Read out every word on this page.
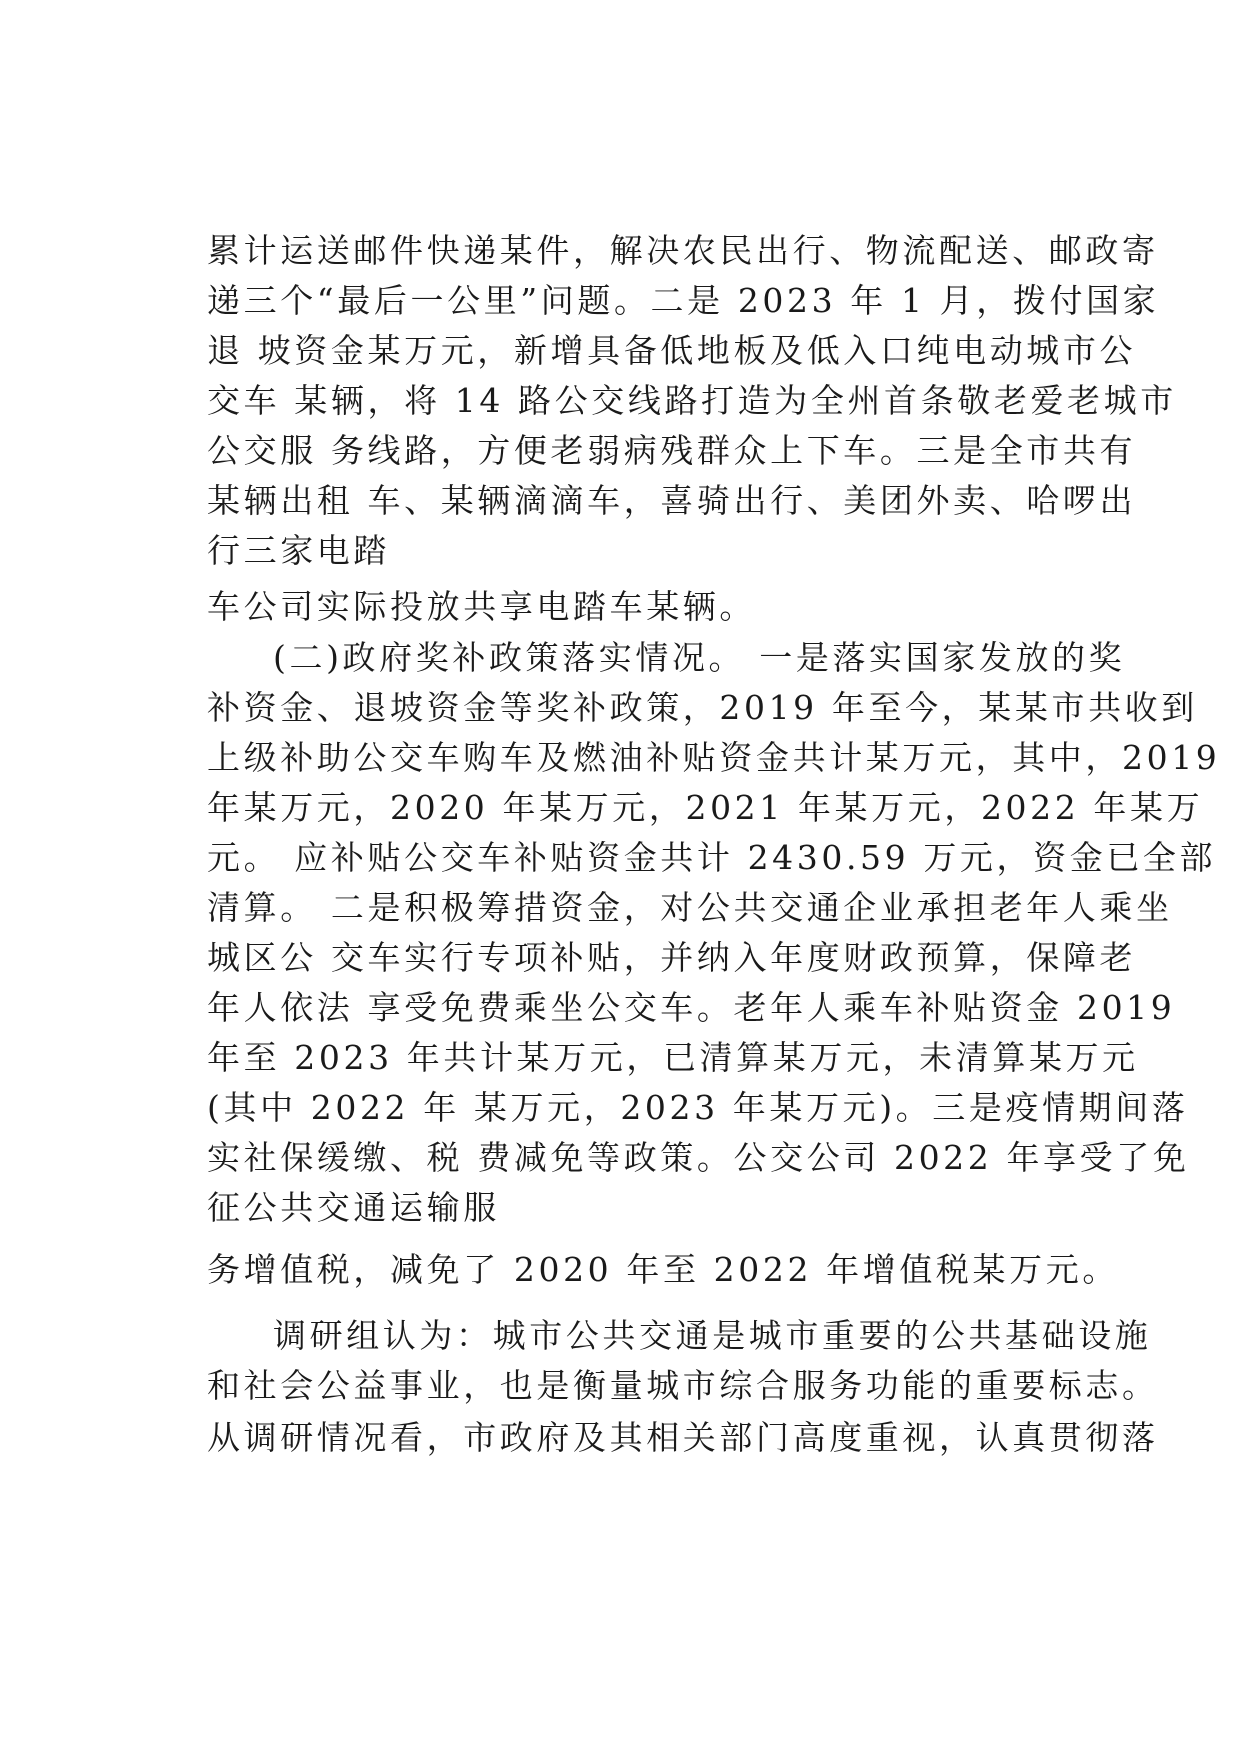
累计运送邮件快递某件，解决农民出行、物流配送、邮政寄
递三个“最后一公里”问题。二是 2023 年 1 月，拨付国家
退 坡资金某万元，新增具备低地板及低入口纯电动城市公
交车 某辆，将 14 路公交线路打造为全州首条敬老爱老城市
公交服 务线路，方便老弱病残群众上下车。三是全市共有
某辆出租 车、某辆滴滴车，喜骑出行、美团外卖、哈啰出
行三家电踏
车公司实际投放共享电踏车某辆。
(二)政府奖补政策落实情况。 一是落实国家发放的奖
补资金、退坡资金等奖补政策，2019 年至今，某某市共收到
上级补助公交车购车及燃油补贴资金共计某万元，其中，2019
年某万元，2020 年某万元，2021 年某万元，2022 年某万
元。 应补贴公交车补贴资金共计 2430.59 万元，资金已全部
清算。 二是积极筹措资金，对公共交通企业承担老年人乘坐
城区公 交车实行专项补贴，并纳入年度财政预算，保障老
年人依法 享受免费乘坐公交车。老年人乘车补贴资金 2019
年至 2023 年共计某万元，已清算某万元，未清算某万元
(其中 2022 年 某万元，2023 年某万元)。三是疫情期间落
实社保缓缴、税 费减免等政策。公交公司 2022 年享受了免
征公共交通运输服
务增值税，减免了 2020 年至 2022 年增值税某万元。
调研组认为：城市公共交通是城市重要的公共基础设施
和社会公益事业，也是衡量城市综合服务功能的重要标志。
从调研情况看，市政府及其相关部门高度重视，认真贯彻落
